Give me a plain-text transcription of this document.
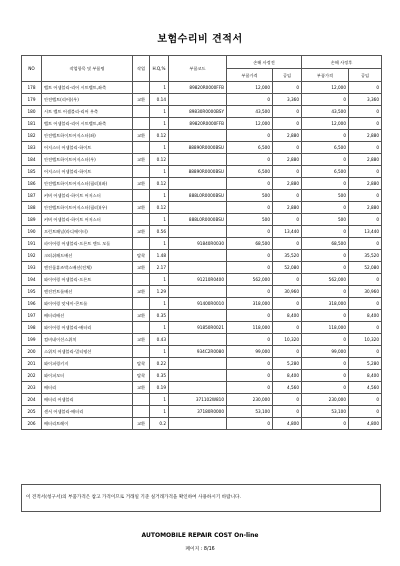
보험수리비 견적서
NO	작업항목 및 부품명	작업	H.Q,%	부품코드	손해 사정전		손해 사정후	
					부품가격	공임	부품가격	공임
178	벨트 어셈블리-리어 시트벨트,좌측		1	89820R0000FFB	12,000	0	12,000	0
179	안전벨트(리어)(우)	교환	0.14		0	3,360	0	3,360
180	시트 벨트 어셈블리-리어 우측		1	89830R0000BSY	43,500	0	43,500	0
181	벨트 어셈블리-리어 시트벨트,좌측		1	89820R0000FFB	12,000	0	12,000	0
182	안전벨트하이트어저스터(좌)	교환	0.12		0	2,880	0	2,880
183	어저스터 어셈블리-하이트		1	88890R0000BSU	6,500	0	6,500	0
184	안전벨트하이트어저스터(우)	교환	0.12		0	2,880	0	2,880
185	어저스터 어셈블리-하이트		1	88890R0000BSU	6,500	0	6,500	0
186	안전벨트하이트어저스터(필러)(좌)	교환	0.12		0	2,880	0	2,880
187	커버 어셈블리-하이트 어저스터		1	888L0R0000BSU	500	0	500	0
188	안전벨트하이트어저스터(필러)(우)	교환	0.12		0	2,880	0	2,880
189	커버 어셈블리-하이트 어저스터		1	888L0R0000BSU	500	0	500	0
190	프런트패널(라디에이터)	교환	0.56		0	13,440	0	13,440
191	파이어링 어셈블리-프론트 엔드 모듈		1	91840R0030	68,500	0	68,500	0
192	크러쉬패드배선	탈착	1.48		0	35,520	0	35,520
193	엔진룸휴즈박스배선(전체)	교환	2.17		0	52,080	0	52,080
194	와이어링 어셈블리-프론트		1	91210R0400	562,000	0	562,000	0
195	엔진컨트롤배선	교환	1.29		0	30,960	0	30,960
196	와이어링 앗세이-콘트롤		1	91400R0010	318,000	0	318,000	0
197	배터리배선	교환	0.35		0	8,400	0	8,400
198	와이어링 어셈블리-배터리		1	91850R0021	118,000	0	118,000	0
199	컴비네이션스위치	교환	0.43		0	10,320	0	10,320
200	스위치 어셈블리-멀티펑션		1	934C2R0080	99,000	0	99,000	0
201	와이퍼링키지	탈착	0.22		0	5,280	0	5,280
202	와이퍼모터	탈착	0.35		0	8,400	0	8,400
203	배터리	교환	0.19		0	4,560	0	4,560
204	배터리 어셈블리		1	371102W810	230,000	0	230,000	0
205	센서 어셈블리-배터리		1	37180R0000	53,100	0	53,100	0
206	배터리트레이	교환	0.2		0	4,800	0	4,800
이 견적서(청구서)의 부품가격은 참고 가격이므로 거래일 기준 실거래가격을 확인하여 사용하시기 바랍니다.
AUTOMOBILE REPAIR COST On-line
페이지 : 8/16
